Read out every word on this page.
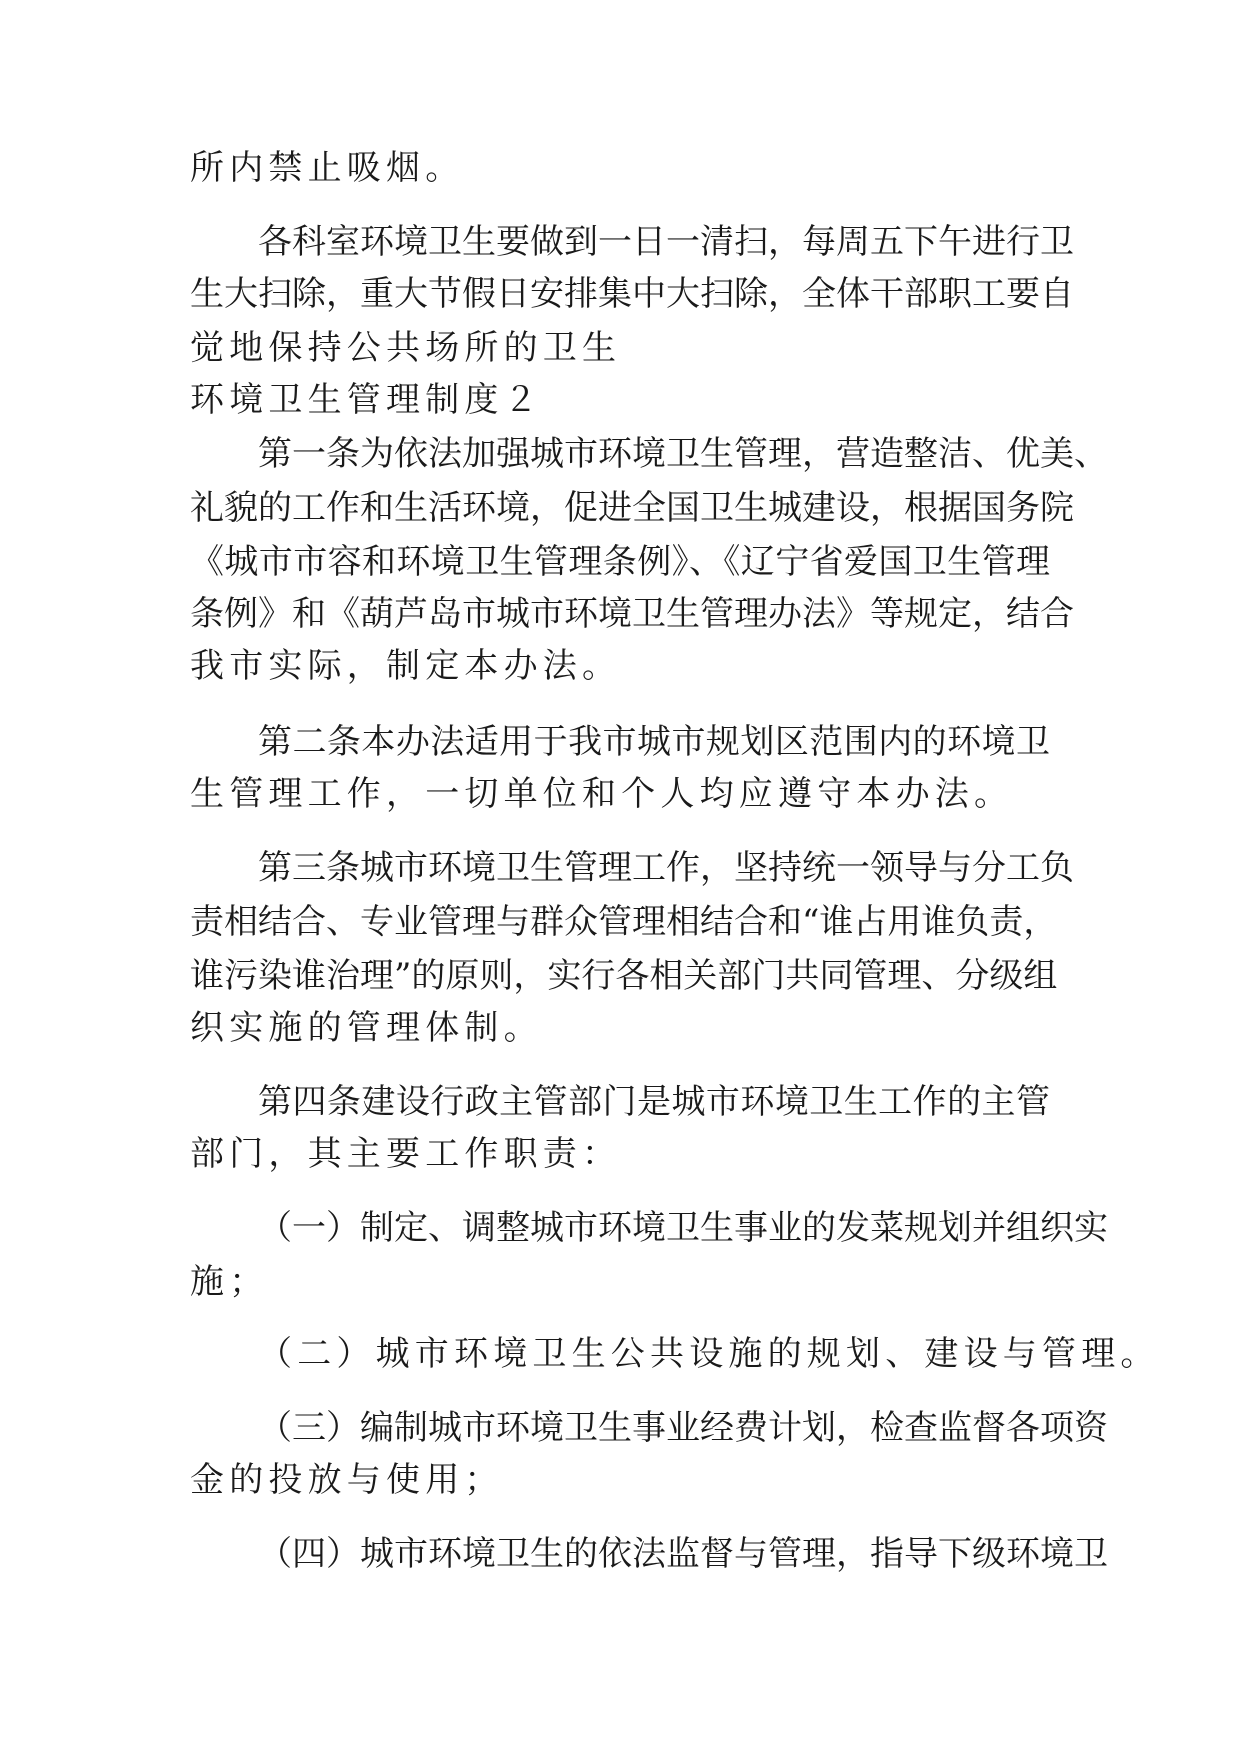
所内禁止吸烟。
各科室环境卫生要做到一日一清扫，每周五下午进行卫
生大扫除，重大节假日安排集中大扫除，全体干部职工要自
觉地保持公共场所的卫生
环境卫生管理制度２
第一条为依法加强城市环境卫生管理，营造整洁、优美、
礼貌的工作和生活环境，促进全国卫生城建设，根据国务院
《城市市容和环境卫生管理条例》、《辽宁省爱国卫生管理
条例》和《葫芦岛市城市环境卫生管理办法》等规定，结合
我市实际，制定本办法。
第二条本办法适用于我市城市规划区范围内的环境卫
生管理工作，一切单位和个人均应遵守本办法。
第三条城市环境卫生管理工作，坚持统一领导与分工负
责相结合、专业管理与群众管理相结合和“谁占用谁负责，
谁污染谁治理”的原则，实行各相关部门共同管理、分级组
织实施的管理体制。
第四条建设行政主管部门是城市环境卫生工作的主管
部门，其主要工作职责：
（一）制定、调整城市环境卫生事业的发菜规划并组织实
施；
（二）城市环境卫生公共设施的规划、建设与管理。
（三）编制城市环境卫生事业经费计划，检查监督各项资
金的投放与使用；
（四）城市环境卫生的依法监督与管理，指导下级环境卫
